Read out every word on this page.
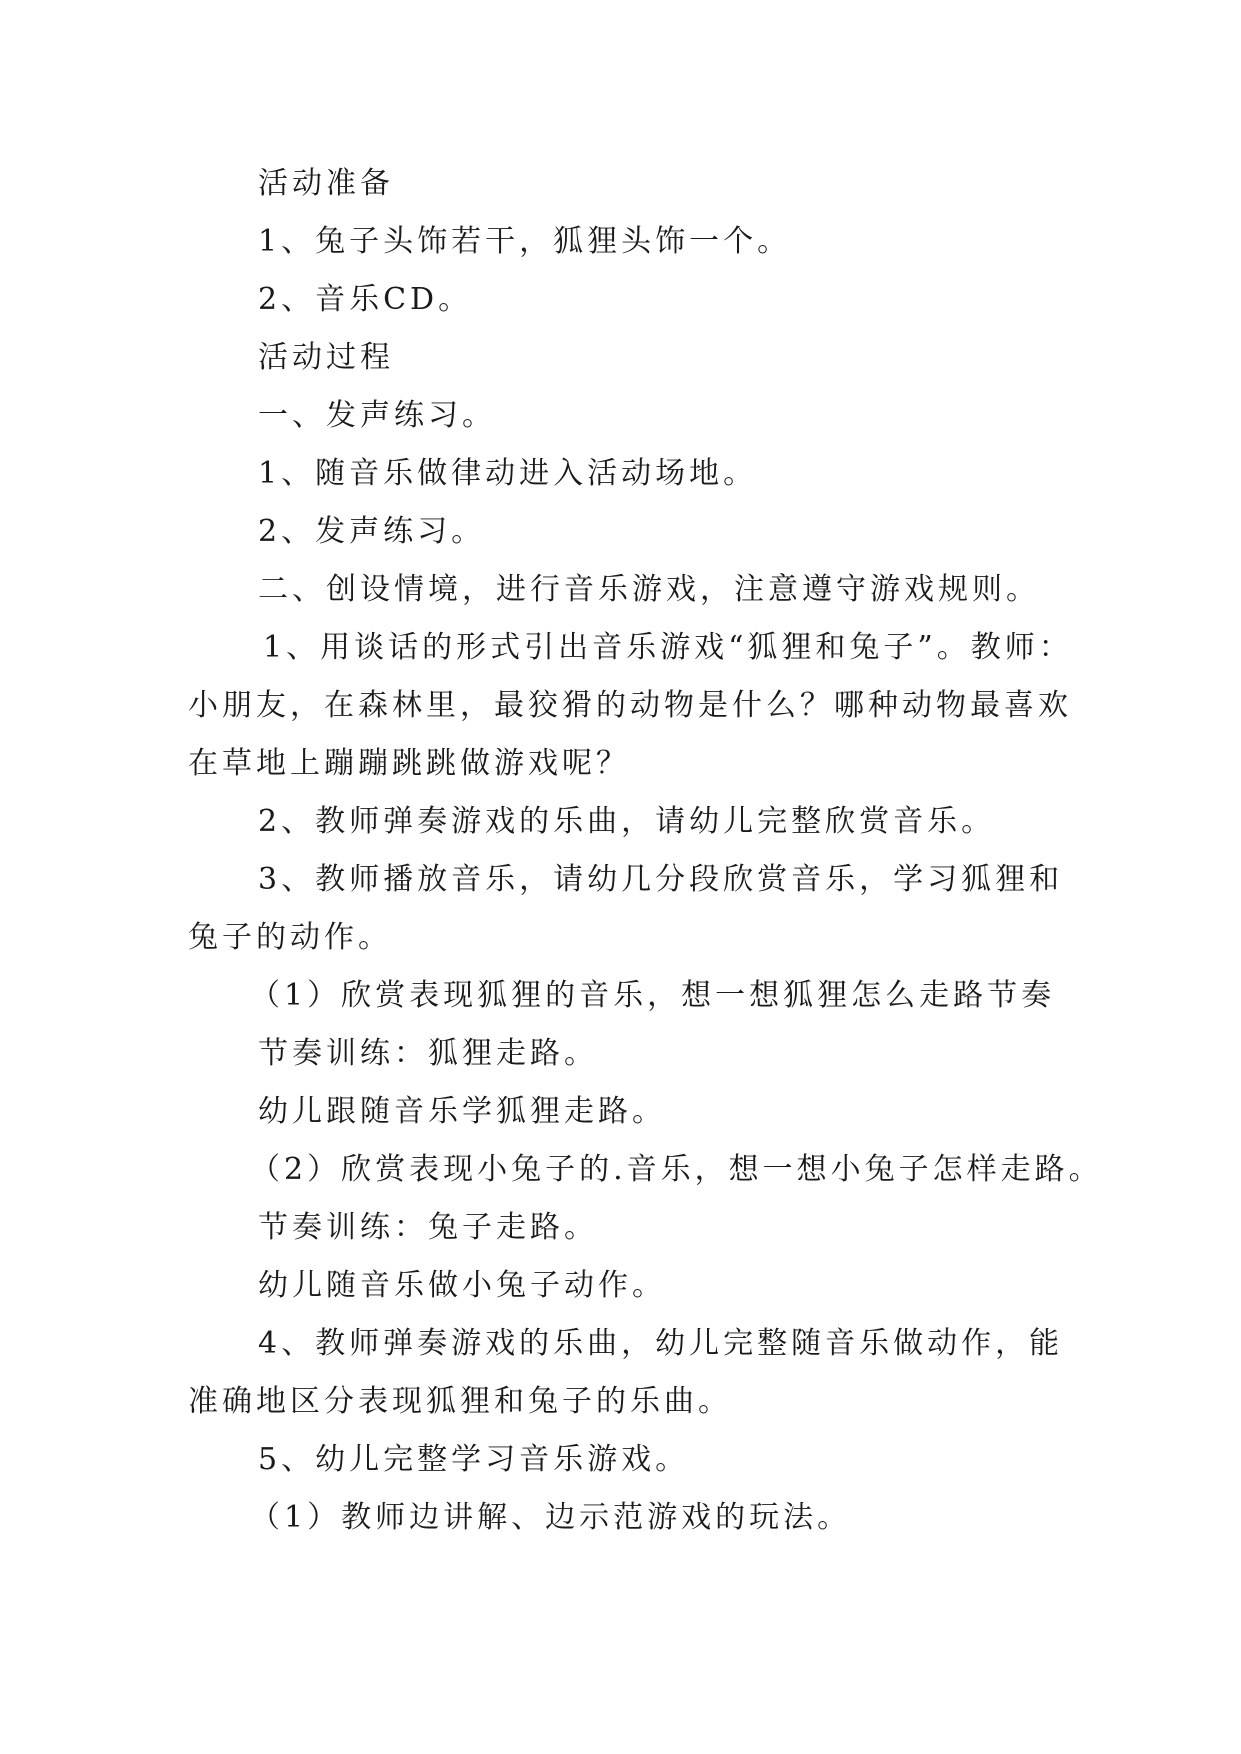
活动准备

1、兔子头饰若干，狐狸头饰一个。

2、音乐CD。

活动过程

一、发声练习。

1、随音乐做律动进入活动场地。

2、发声练习。

二、创设情境，进行音乐游戏，注意遵守游戏规则。

1、用谈话的形式引出音乐游戏“狐狸和兔子”。教师：

小朋友，在森林里，最狡猾的动物是什么？哪种动物最喜欢

在草地上蹦蹦跳跳做游戏呢？

2、教师弹奏游戏的乐曲，请幼儿完整欣赏音乐。

3、教师播放音乐，请幼几分段欣赏音乐，学习狐狸和

兔子的动作。

（1）欣赏表现狐狸的音乐，想一想狐狸怎么走路节奏

节奏训练：狐狸走路。

幼儿跟随音乐学狐狸走路。

（2）欣赏表现小兔子的.音乐，想一想小兔子怎样走路。

节奏训练：兔子走路。

幼儿随音乐做小兔子动作。

4、教师弹奏游戏的乐曲，幼儿完整随音乐做动作，能

准确地区分表现狐狸和兔子的乐曲。

5、幼儿完整学习音乐游戏。

（1）教师边讲解、边示范游戏的玩法。
